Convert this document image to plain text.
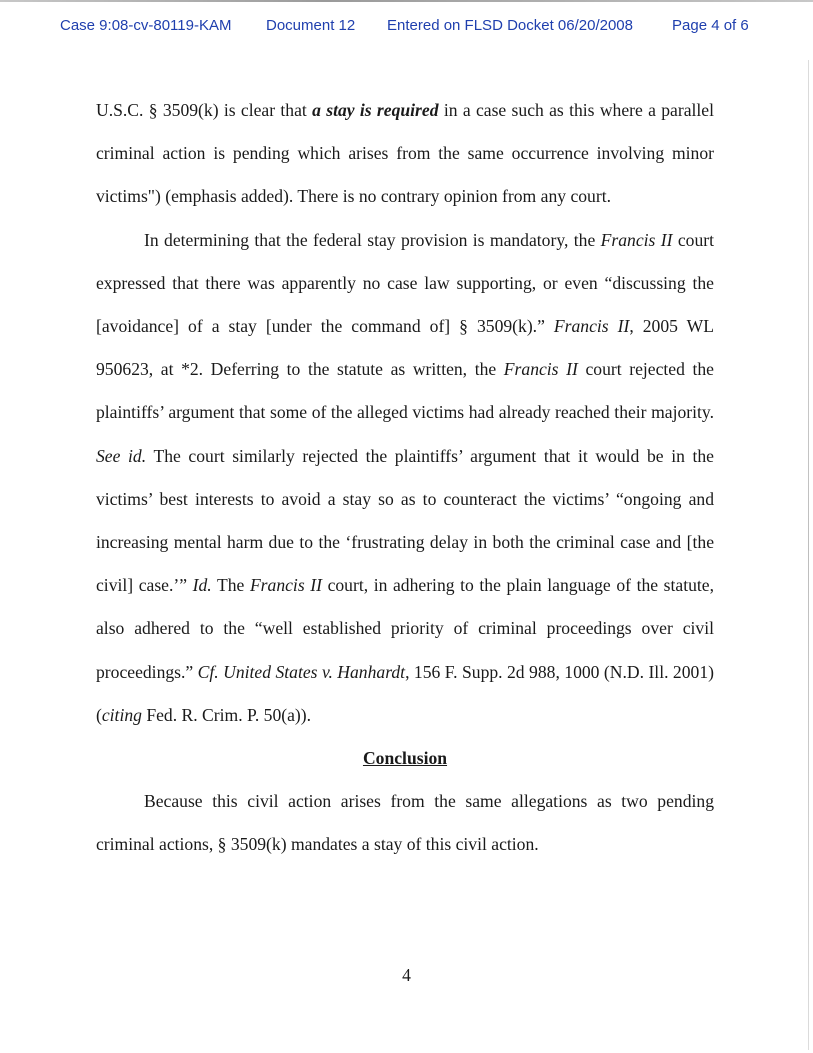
Case 9:08-cv-80119-KAM Document 12 Entered on FLSD Docket 06/20/2008	Page 4 of 6

U.S.C. § 3509(k) is clear that a stay is required in a case such as this where a parallel criminal action is pending which arises from the same occurrence involving minor victims") (emphasis added). There is no contrary opinion from any court.

In determining that the federal stay provision is mandatory, the Francis II court expressed that there was apparently no case law supporting, or even “discussing the [avoidance] of a stay [under the command of] § 3509(k).” Francis II, 2005 WL 950623, at *2. Deferring to the statute as written, the Francis II court rejected the plaintiffs’ argument that some of the alleged victims had already reached their majority. See id. The court similarly rejected the plaintiffs’ argument that it would be in the victims’ best interests to avoid a stay so as to counteract the victims’ “ongoing and increasing mental harm due to the ‘frustrating delay in both the criminal case and [the civil] case.’” Id. The Francis II court, in adhering to the plain language of the statute, also adhered to the “well established priority of criminal proceedings over civil proceedings.” Cf. United States v. Hanhardt, 156 F. Supp. 2d 988, 1000 (N.D. Ill. 2001) (citing Fed. R. Crim. P. 50(a)).

Conclusion

Because this civil action arises from the same allegations as two pending criminal actions, § 3509(k) mandates a stay of this civil action.

4
